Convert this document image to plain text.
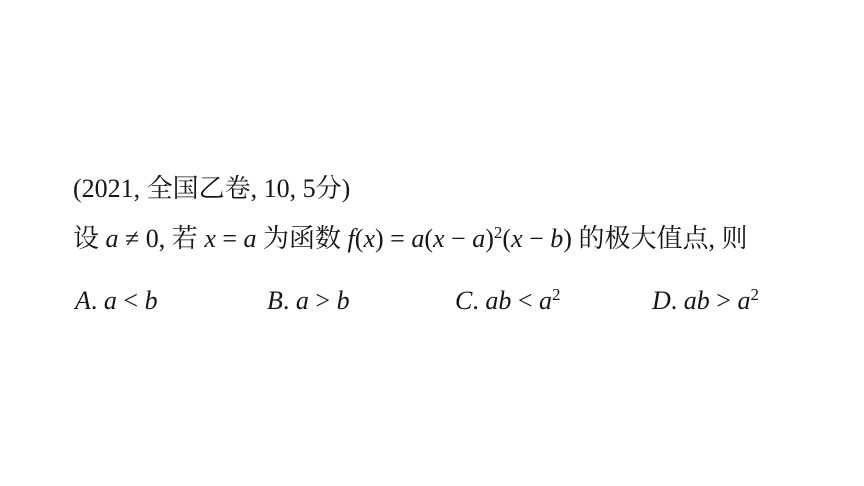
(2021, 全国乙卷, 10, 5分)
设 a ≠ 0, 若 x = a 为函数 $f(x) = a(x - a)^2(x - b)$ 的极大值点, 则
A. a < b	B. a > b	C. ab < $a^2$	D. ab > $a^2$
